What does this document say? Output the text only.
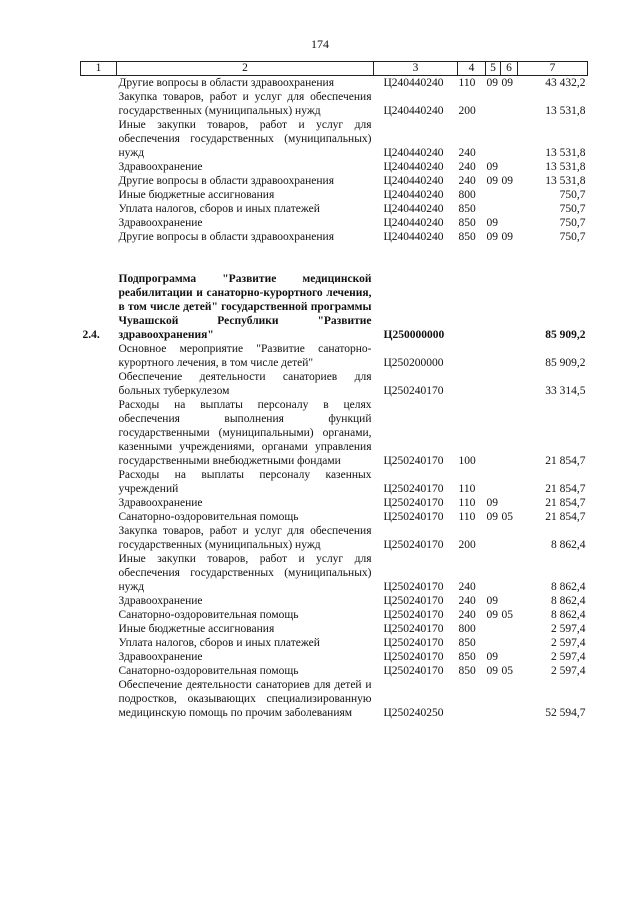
174
1	2	3	4	5	6	7
	Другие вопросы в области здравоохранения	Ц240440240	110	09	09	43 432,2
	Закупка товаров, работ и услуг для обеспечения государственных (муниципальных) нужд	Ц240440240	200			13 531,8
	Иные закупки товаров, работ и услуг для обеспечения государственных (муниципальных) нужд	Ц240440240	240			13 531,8
	Здравоохранение	Ц240440240	240	09		13 531,8
	Другие вопросы в области здравоохранения	Ц240440240	240	09	09	13 531,8
	Иные бюджетные ассигнования	Ц240440240	800			750,7
	Уплата налогов, сборов и иных платежей	Ц240440240	850			750,7
	Здравоохранение	Ц240440240	850	09		750,7
	Другие вопросы в области здравоохранения	Ц240440240	850	09	09	750,7

2.4.	Подпрограмма "Развитие медицинской реабилитации и санаторно-курортного лечения, в том числе детей" государственной программы Чувашской Республики "Развитие здравоохранения"	Ц250000000				85 909,2
	Основное мероприятие "Развитие санаторно-курортного лечения, в том числе детей"	Ц250200000				85 909,2
	Обеспечение деятельности санаториев для больных туберкулезом	Ц250240170				33 314,5
	Расходы на выплаты персоналу в целях обеспечения выполнения функций государственными (муниципальными) органами, казенными учреждениями, органами управления государственными внебюджетными фондами	Ц250240170	100			21 854,7
	Расходы на выплаты персоналу казенных учреждений	Ц250240170	110			21 854,7
	Здравоохранение	Ц250240170	110	09		21 854,7
	Санаторно-оздоровительная помощь	Ц250240170	110	09	05	21 854,7
	Закупка товаров, работ и услуг для обеспечения государственных (муниципальных) нужд	Ц250240170	200			8 862,4
	Иные закупки товаров, работ и услуг для обеспечения государственных (муниципальных) нужд	Ц250240170	240			8 862,4
	Здравоохранение	Ц250240170	240	09		8 862,4
	Санаторно-оздоровительная помощь	Ц250240170	240	09	05	8 862,4
	Иные бюджетные ассигнования	Ц250240170	800			2 597,4
	Уплата налогов, сборов и иных платежей	Ц250240170	850			2 597,4
	Здравоохранение	Ц250240170	850	09		2 597,4
	Санаторно-оздоровительная помощь	Ц250240170	850	09	05	2 597,4
	Обеспечение деятельности санаториев для детей и подростков, оказывающих специализированную медицинскую помощь по прочим заболеваниям	Ц250240250				52 594,7
